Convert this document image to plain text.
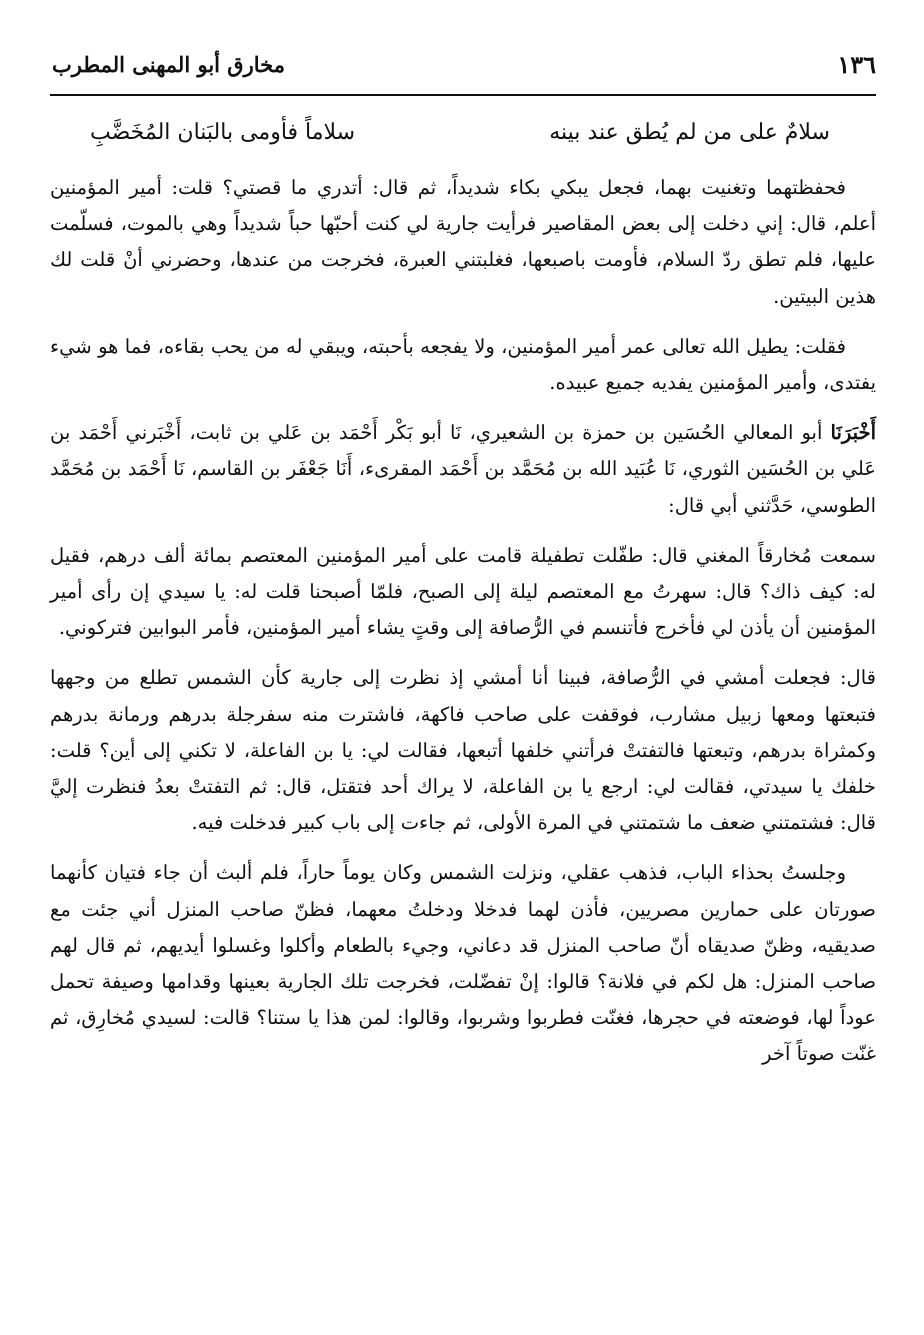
١٣٦
مخارق أبو المهنى المطرب
سلامٌ على من لم يُطق عند بينه
سلاماً فأومى بالبَنان المُخَضَّبِ

فحفظتهما وتغنيت بهما، فجعل يبكي بكاء شديداً، ثم قال: أتدري ما قصتي؟ قلت: أمير المؤمنين أعلم، قال: إني دخلت إلى بعض المقاصير فرأيت جارية لي كنت أحبّها حباً شديداً وهي بالموت، فسلّمت عليها، فلم تطق ردّ السلام، فأومت باصبعها، فغلبتني العبرة، فخرجت من عندها، وحضرني أنْ قلت لك هذين البيتين.

فقلت: يطيل الله تعالى عمر أمير المؤمنين، ولا يفجعه بأحبته، ويبقي له من يحب بقاءه، فما هو شيء يفتدى، وأمير المؤمنين يفديه جميع عبيده.

أَخْبَرَنَا أبو المعالي الحُسَين بن حمزة بن الشعيري، نَا أبو بَكْر أَحْمَد بن عَلي بن ثابت، أَخْبَرني أَحْمَد بن عَلي بن الحُسَين الثوري، نَا عُبَيد الله بن مُحَمَّد بن أَحْمَد المقرىء، أَنَا جَعْفَر بن القاسم، نَا أَحْمَد بن مُحَمَّد الطوسي، حَدَّثني أبي قال:

سمعت مُخارقاً المغني قال: طفّلت تطفيلة قامت على أمير المؤمنين المعتصم بمائة ألف درهم، فقيل له: كيف ذاك؟ قال: سهرتُ مع المعتصم ليلة إلى الصبح، فلمّا أصبحنا قلت له: يا سيدي إن رأى أمير المؤمنين أن يأذن لي فأخرج فأتنسم في الرُّصافة إلى وقتٍ يشاء أمير المؤمنين، فأمر البوابين فتركوني.

قال: فجعلت أمشي في الرُّصافة، فبينا أنا أمشي إذ نظرت إلى جارية كأن الشمس تطلع من وجهها فتبعتها ومعها زبيل مشارب، فوقفت على صاحب فاكهة، فاشترت منه سفرجلة بدرهم ورمانة بدرهم وكمثراة بدرهم، وتبعتها فالتفتتْ فرأتني خلفها أتبعها، فقالت لي: يا بن الفاعلة، لا تكني إلى أين؟ قلت: خلفك يا سيدتي، فقالت لي: ارجع يا بن الفاعلة، لا يراك أحد فتقتل، قال: ثم التفتتْ بعدُ فنظرت إليَّ قال: فشتمتني ضعف ما شتمتني في المرة الأولى، ثم جاءت إلى باب كبير فدخلت فيه.

وجلستُ بحذاء الباب، فذهب عقلي، ونزلت الشمس وكان يوماً حاراً، فلم ألبث أن جاء فتيان كأنهما صورتان على حمارين مصريين، فأذن لهما فدخلا ودخلتُ معهما، فظنّ صاحب المنزل أني جئت مع صديقيه، وظنّ صديقاه أنّ صاحب المنزل قد دعاني، وجيء بالطعام وأكلوا وغسلوا أيديهم، ثم قال لهم صاحب المنزل: هل لكم في فلانة؟ قالوا: إنْ تفضّلت، فخرجت تلك الجارية بعينها وقدامها وصيفة تحمل عوداً لها، فوضعته في حجرها، فغنّت فطربوا وشربوا، وقالوا: لمن هذا يا ستنا؟ قالت: لسيدي مُخارِق، ثم غنّت صوتاً آخر
